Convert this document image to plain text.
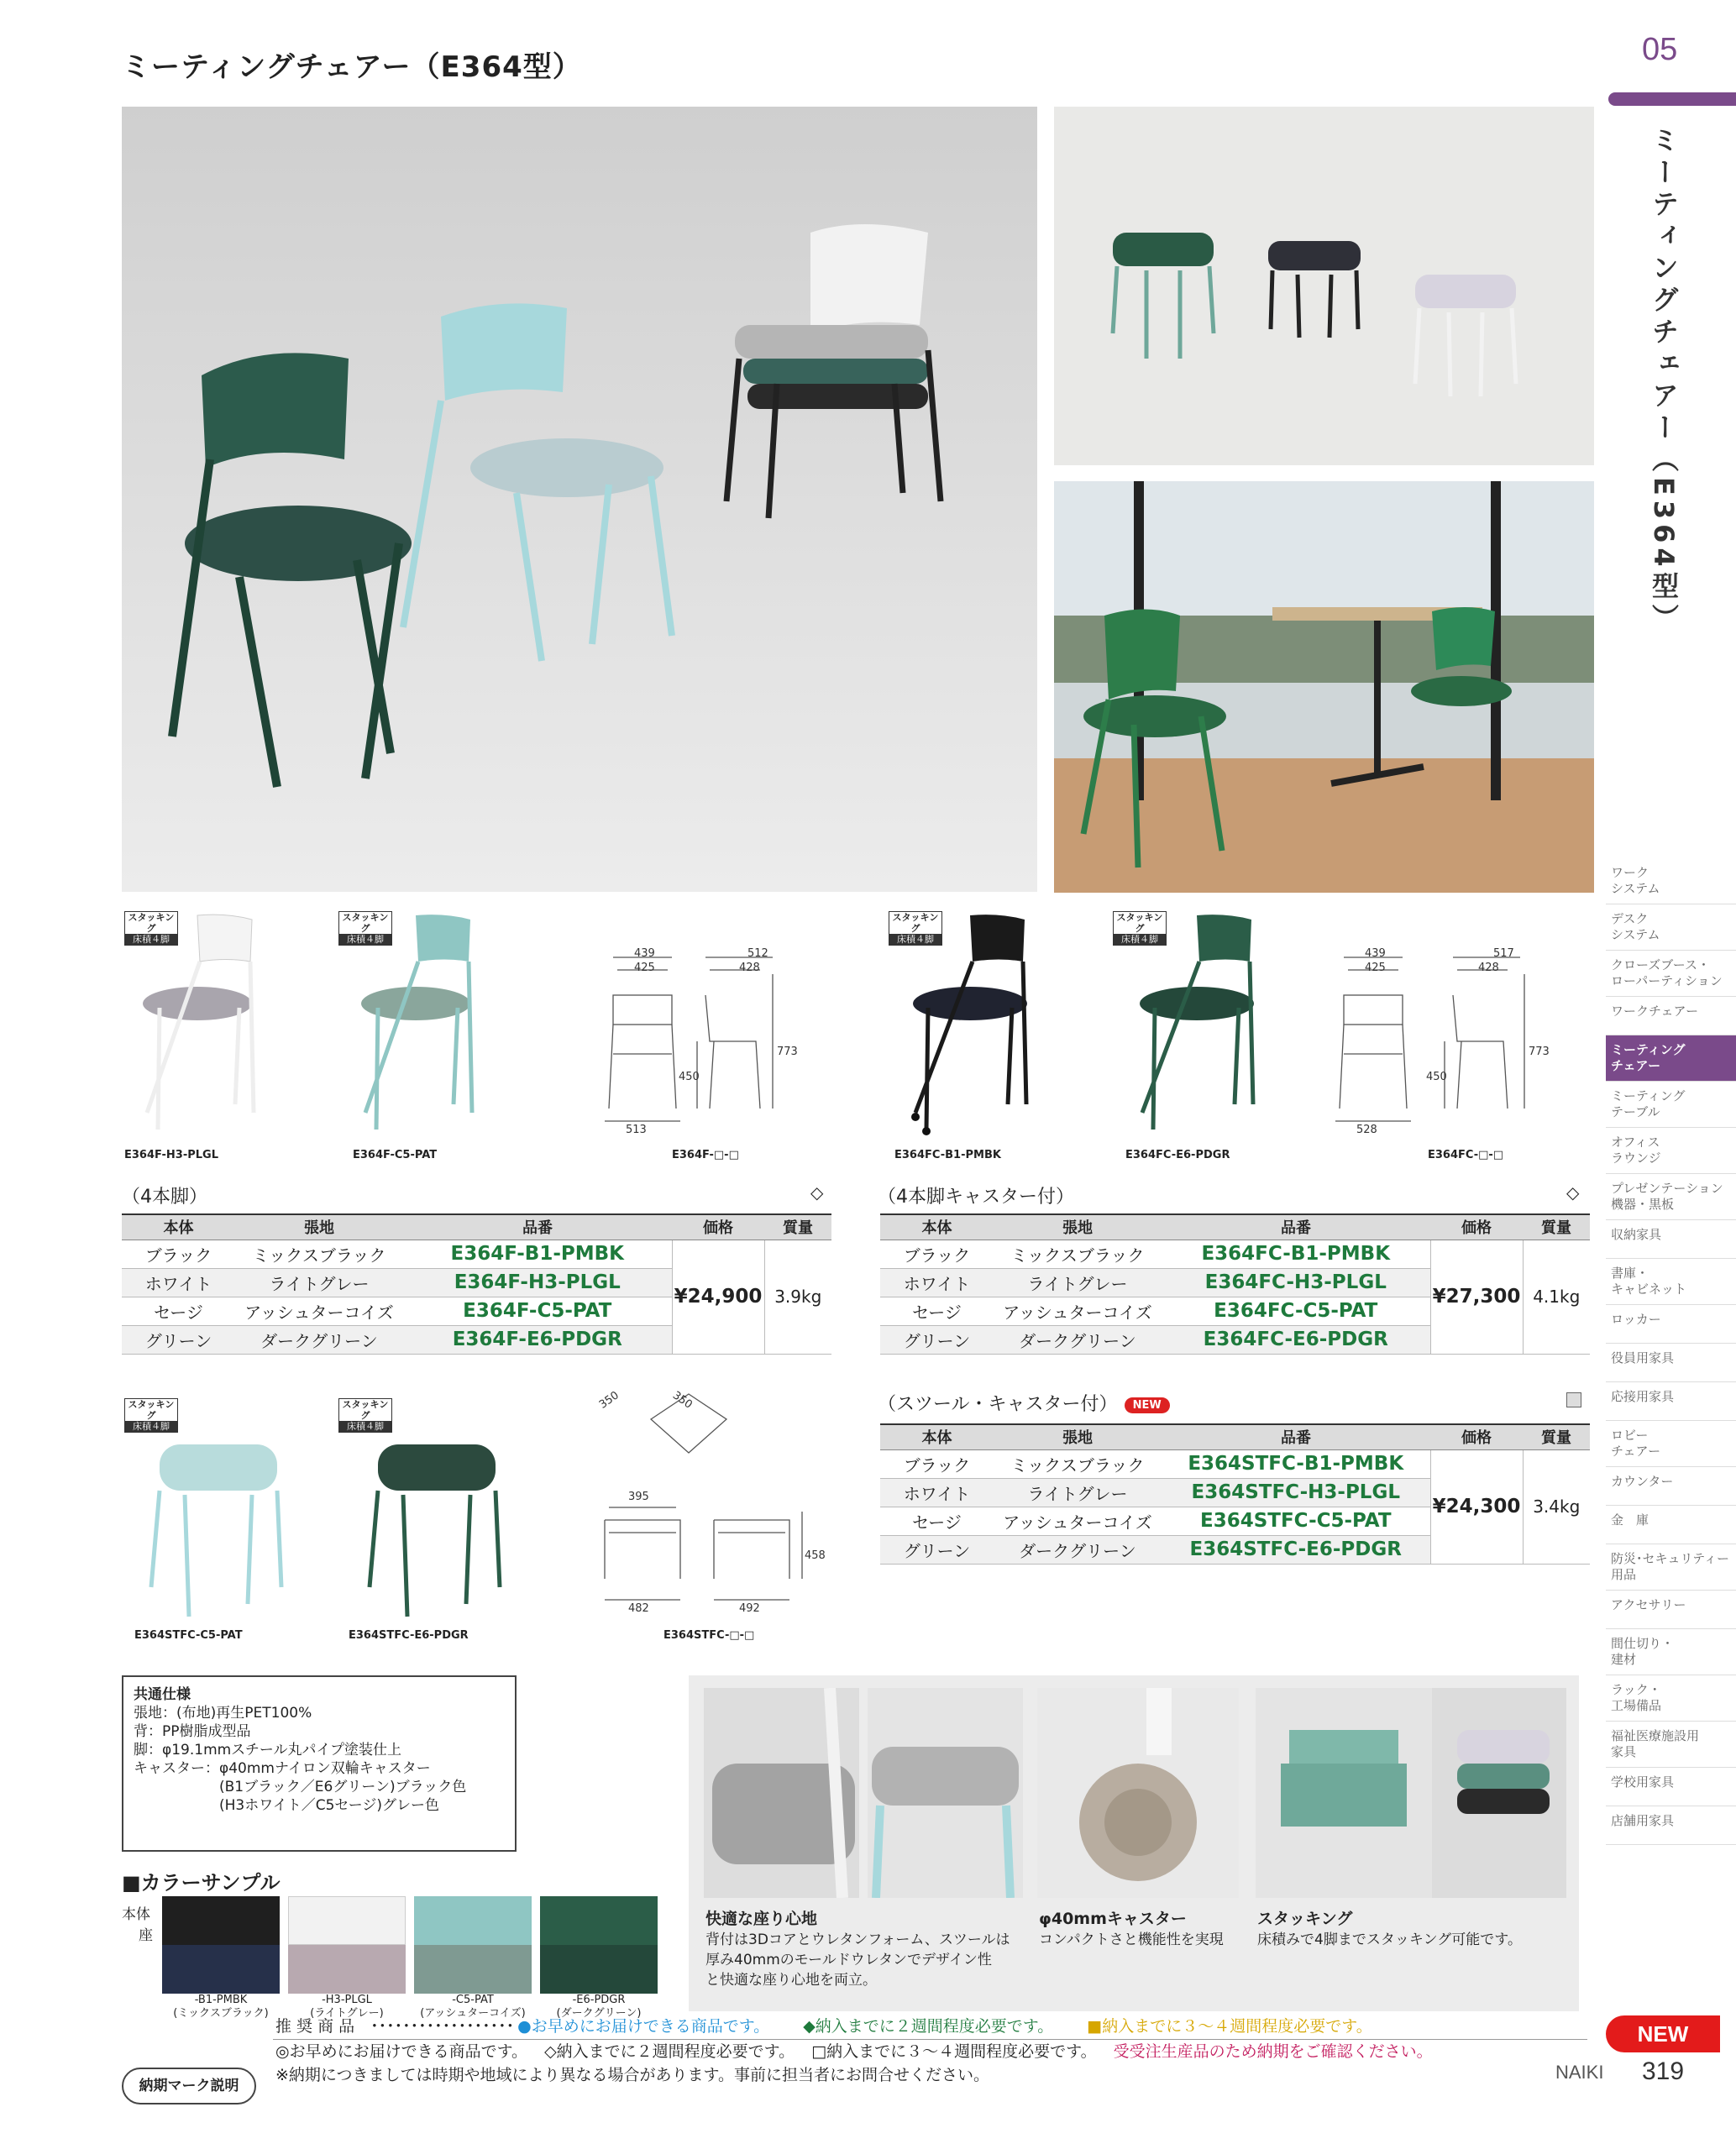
ミーティングチェアー（E364型）	05
ミーティングチェアー（E364型）
ワーク
システム
デスク
システム
クローズブース・
ローパーティション
ワークチェアー
ミーティング
チェアー
ミーティング
テーブル
オフィス
ラウンジ
プレゼンテーション
機器・黒板
収納家具
書庫・
キャビネット
ロッカー
役員用家具
応接用家具
ロビー
チェアー
カウンター
金　庫
防災･セキュリティー
用品
アクセサリー
間仕切り・
建材
ラック・
工場備品
福祉医療施設用
家具
学校用家具
店舗用家具
スタッキング
床積４脚
E364F-H3-PLGL
スタッキング
床積４脚
E364F-C5-PAT
439
425
512
428
773
450
513
E364F-□-□
スタッキング
床積４脚
E364FC-B1-PMBK
スタッキング
床積４脚
E364FC-E6-PDGR
439
425
517
428
773
450
528
E364FC-□-□
（4本脚）	◇
本体	張地	品番	価格	質量
ブラック	ミックスブラック	E364F-B1-PMBK	¥24,900	3.9kg
ホワイト	ライトグレー	E364F-H3-PLGL		
セージ	アッシュターコイズ	E364F-C5-PAT		
グリーン	ダークグリーン	E364F-E6-PDGR		
（4本脚キャスター付）	◇
本体	張地	品番	価格	質量
ブラック	ミックスブラック	E364FC-B1-PMBK	¥27,300	4.1kg
ホワイト	ライトグレー	E364FC-H3-PLGL		
セージ	アッシュターコイズ	E364FC-C5-PAT		
グリーン	ダークグリーン	E364FC-E6-PDGR		
スタッキング
床積４脚
E364STFC-C5-PAT
スタッキング
床積４脚
E364STFC-E6-PDGR
350	350
395
458
482	492
E364STFC-□-□
（スツール・キャスター付） NEW
本体	張地	品番	価格	質量
ブラック	ミックスブラック	E364STFC-B1-PMBK	¥24,300	3.4kg
ホワイト	ライトグレー	E364STFC-H3-PLGL		
セージ	アッシュターコイズ	E364STFC-C5-PAT		
グリーン	ダークグリーン	E364STFC-E6-PDGR		
共通仕様
張地：(布地)再生PET100%
背：PP樹脂成型品
脚：φ19.1mmスチール丸パイプ塗装仕上
キャスター：φ40mmナイロン双輪キャスター
　　　　　　(B1ブラック／E6グリーン)ブラック色
　　　　　　(H3ホワイト／C5セージ)グレー色
■カラーサンプル
本体
座
-B1-PMBK
(ミックスブラック)
-H3-PLGL
(ライトグレー)
-C5-PAT
(アッシュターコイズ)
-E6-PDGR
(ダークグリーン)
快適な座り心地
背付は3Dコアとウレタンフォーム、スツールは
厚み40mmのモールドウレタンでデザイン性
と快適な座り心地を両立。
φ40mmキャスター
コンパクトさと機能性を実現
スタッキング
床積みで4脚までスタッキング可能です。
納期マーク説明
推 奨 商 品　･･････････････････ ●お早めにお届けできる商品です。 ◆納入までに２週間程度必要です。 ■納入までに３～４週間程度必要です。
◎お早めにお届けできる商品です。 ◇納入までに２週間程度必要です。 □納入までに３～４週間程度必要です。 受受注生産品のため納期をご確認ください。
※納期につきましては時期や地域により異なる場合があります。事前に担当者にお問合せください。
NEW
NAIKI 319
